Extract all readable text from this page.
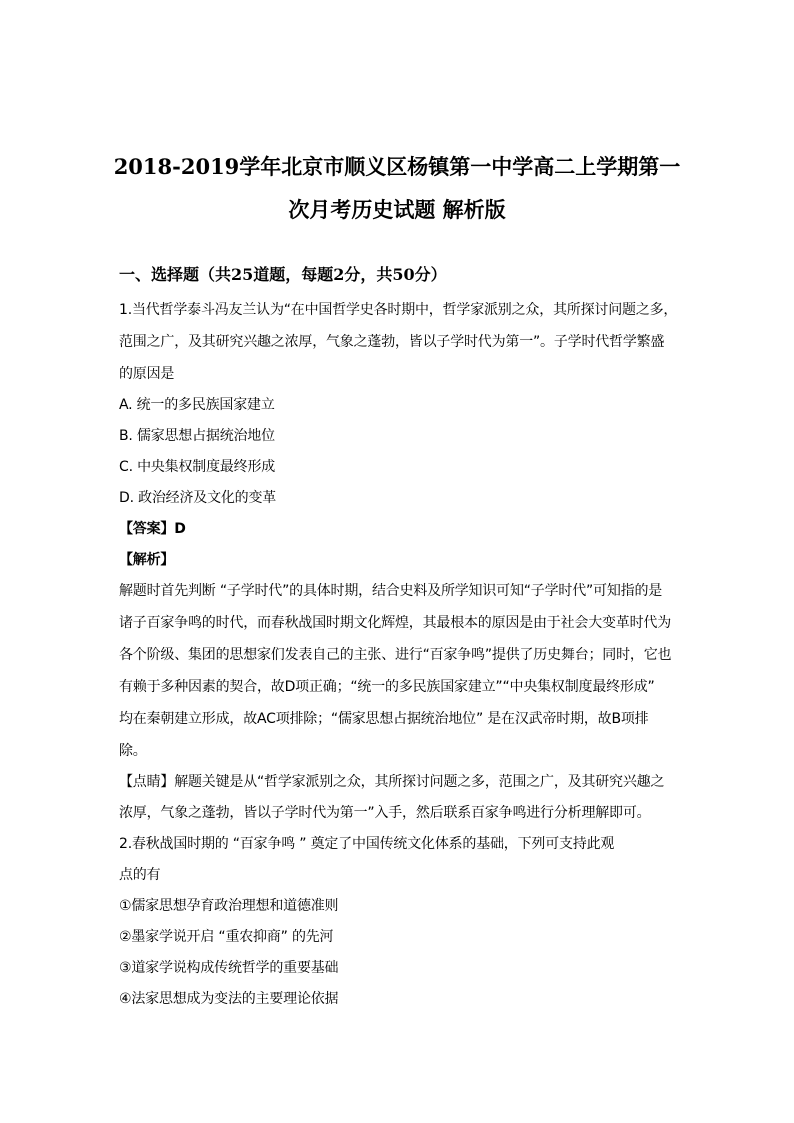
2018-2019学年北京市顺义区杨镇第一中学高二上学期第一
次月考历史试题 解析版
一、选择题（共25道题，每题2分，共50分）
1.当代哲学泰斗冯友兰认为“在中国哲学史各时期中，哲学家派别之众，其所探讨问题之多，
范围之广，及其研究兴趣之浓厚，气象之蓬勃，皆以子学时代为第一”。子学时代哲学繁盛
的原因是
A. 统一的多民族国家建立
B. 儒家思想占据统治地位
C. 中央集权制度最终形成
D. 政治经济及文化的变革
【答案】D
【解析】
解题时首先判断 “子学时代”的具体时期，结合史料及所学知识可知“子学时代”可知指的是
诸子百家争鸣的时代，而春秋战国时期文化辉煌，其最根本的原因是由于社会大变革时代为
各个阶级、集团的思想家们发表自己的主张、进行“百家争鸣”提供了历史舞台；同时，它也
有赖于多种因素的契合，故D项正确；“统一的多民族国家建立”“中央集权制度最终形成”
均在秦朝建立形成，故AC项排除；“儒家思想占据统治地位” 是在汉武帝时期，故B项排
除。
【点睛】解题关键是从“哲学家派别之众，其所探讨问题之多，范围之广，及其研究兴趣之
浓厚，气象之蓬勃，皆以子学时代为第一”入手，然后联系百家争鸣进行分析理解即可。
2.春秋战国时期的 “百家争鸣 ” 奠定了中国传统文化体系的基础，下列可支持此观
点的有
①儒家思想孕育政治理想和道德准则
②墨家学说开启 “重农抑商” 的先河
③道家学说构成传统哲学的重要基础
④法家思想成为变法的主要理论依据
